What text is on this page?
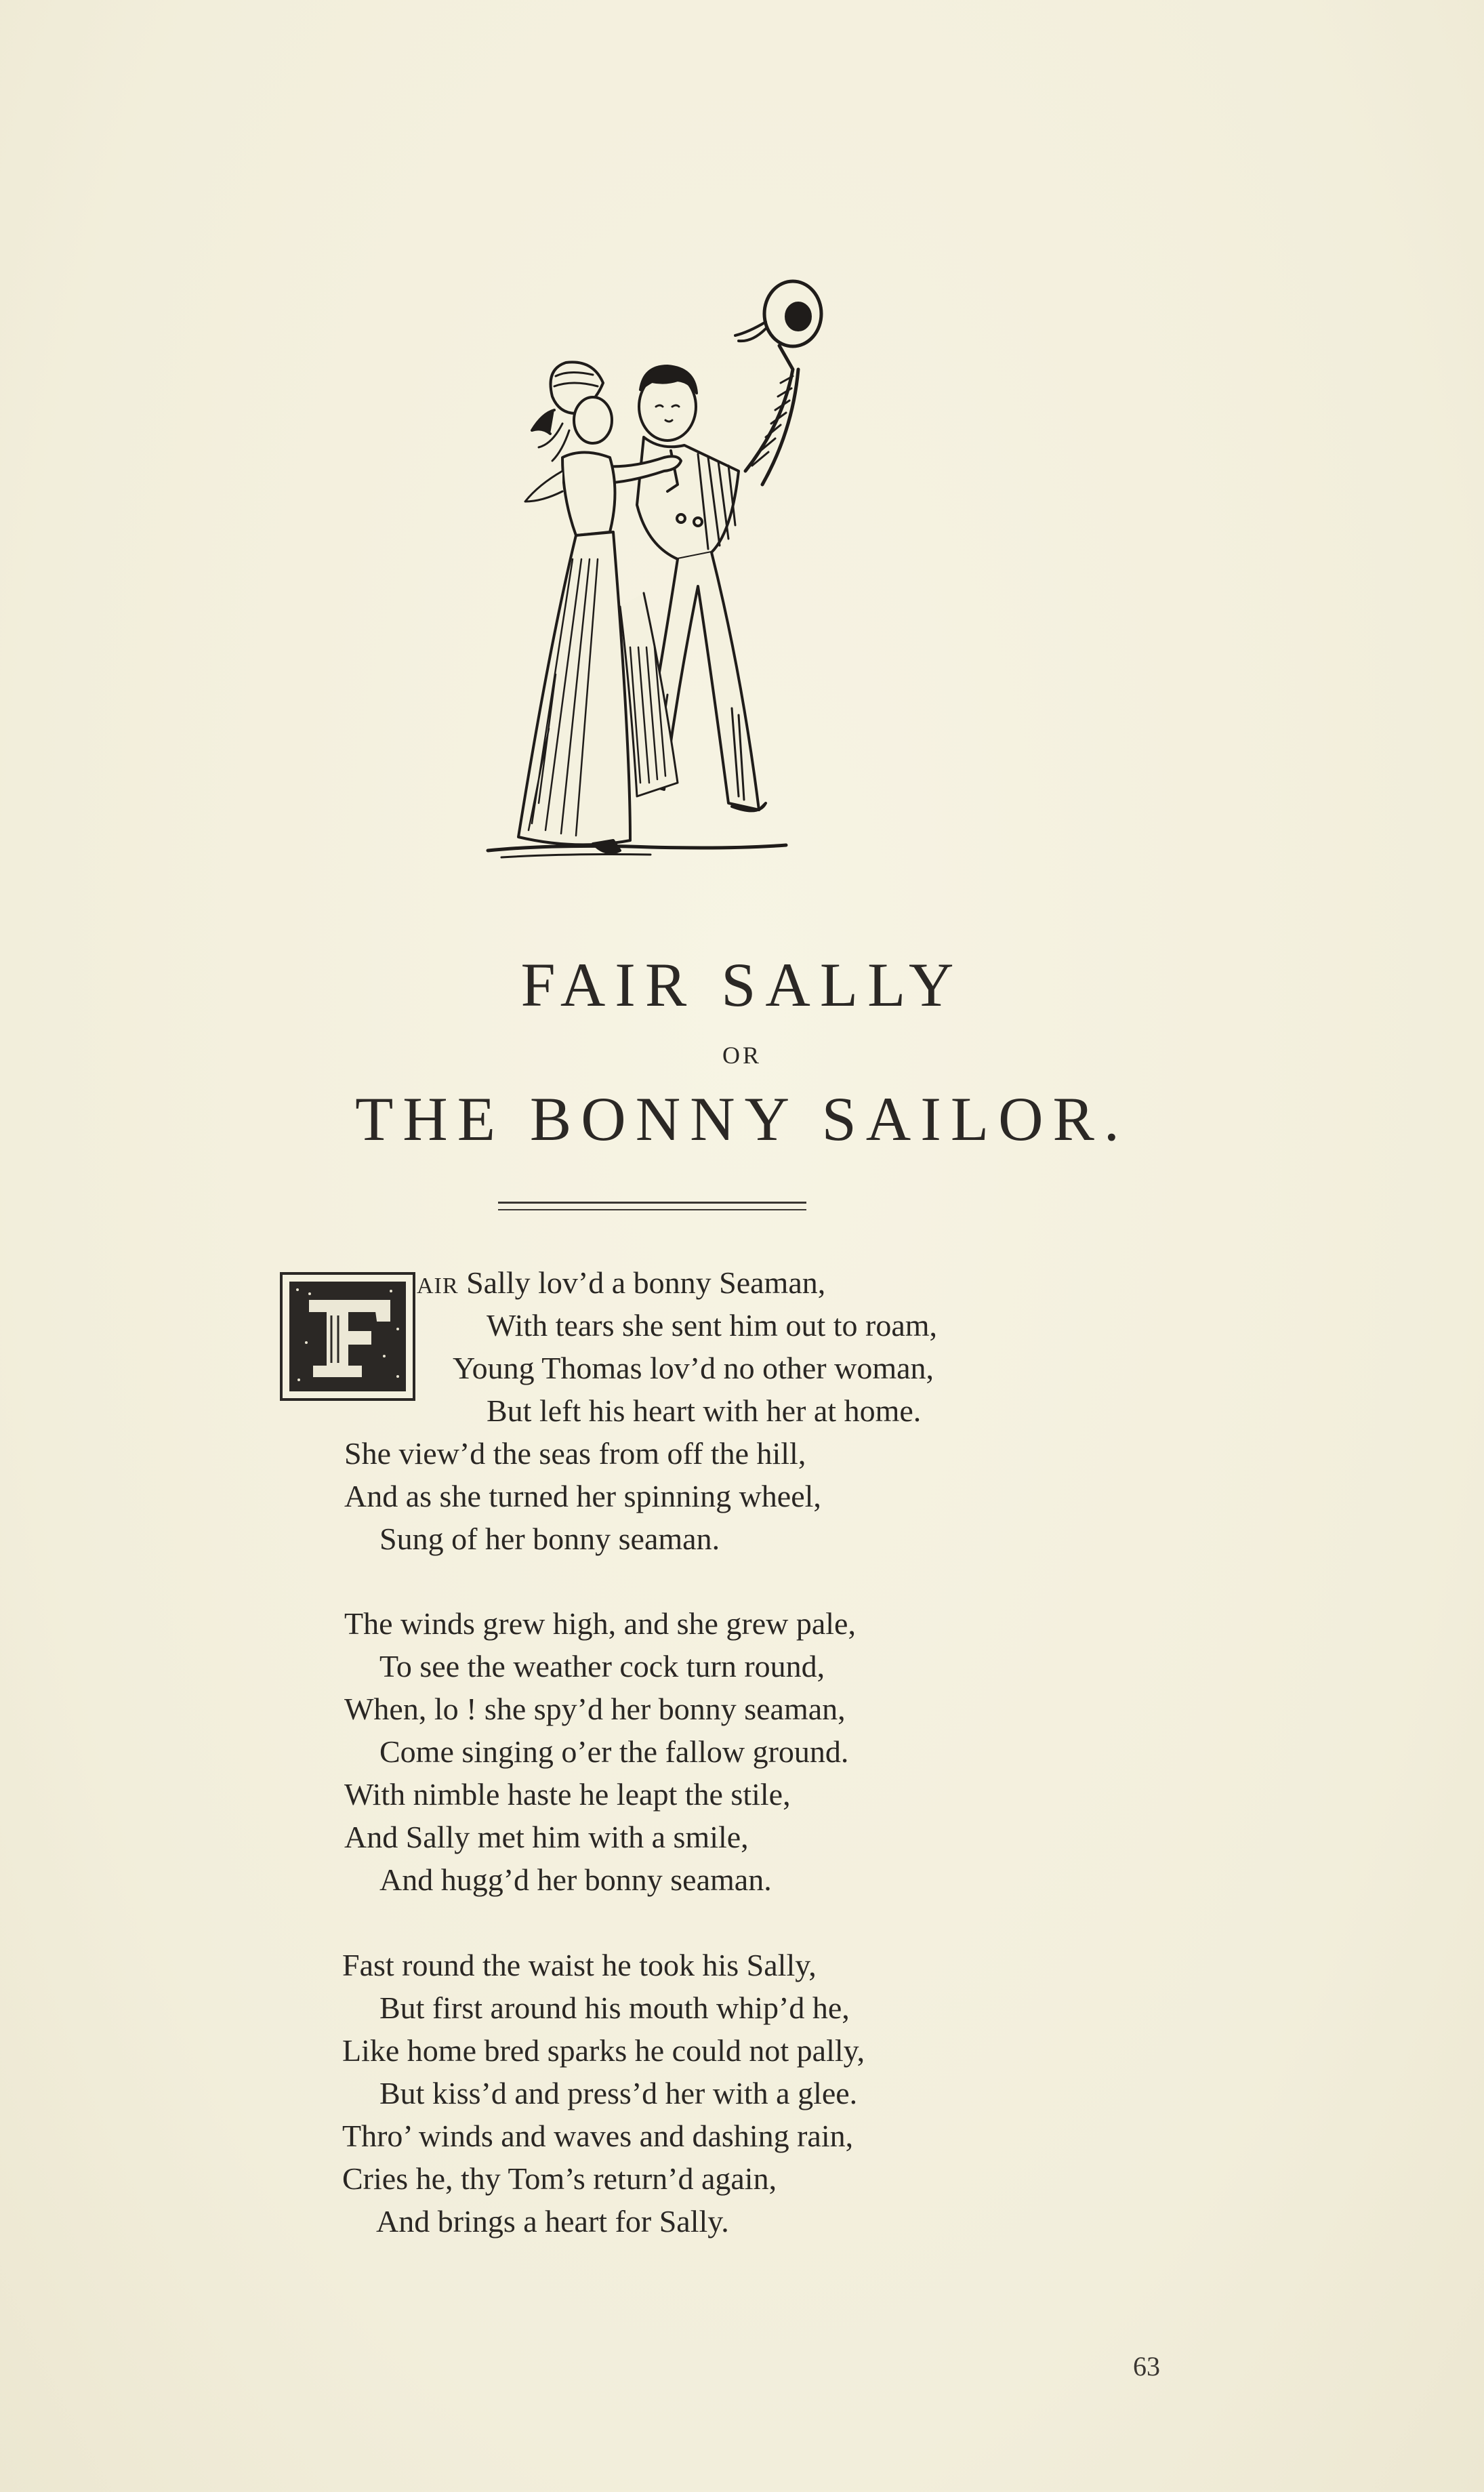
FAIR SALLY
OR
THE BONNY SAILOR.
AIR Sally lov’d a bonny Seaman,
With tears she sent him out to roam,
Young Thomas lov’d no other woman,
But left his heart with her at home.
She view’d the seas from off the hill,
And as she turned her spinning wheel,
Sung of her bonny seaman.
The winds grew high, and she grew pale,
To see the weather cock turn round,
When, lo ! she spy’d her bonny seaman,
Come singing o’er the fallow ground.
With nimble haste he leapt the stile,
And Sally met him with a smile,
And hugg’d her bonny seaman.
Fast round the waist he took his Sally,
But first around his mouth whip’d he,
Like home bred sparks he could not pally,
But kiss’d and press’d her with a glee.
Thro’ winds and waves and dashing rain,
Cries he, thy Tom’s return’d again,
And brings a heart for Sally.
63
